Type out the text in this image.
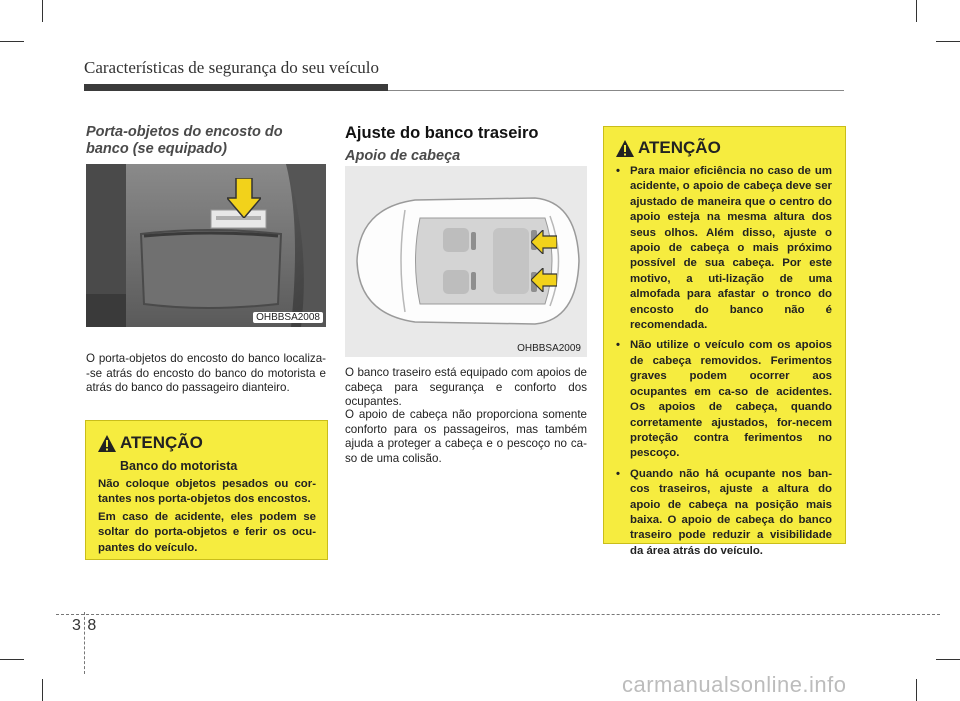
Características de segurança do seu veículo
Porta-objetos do encosto do banco (se equipado)
OHBBSA2008
O porta-objetos do encosto do banco localiza--se atrás do encosto do banco do motorista e atrás do banco do passageiro dianteiro.
ATENÇÃO
Banco do motorista
Não coloque objetos pesados ou cor-tantes nos porta-objetos dos encostos.
Em caso de acidente, eles podem se soltar do porta-objetos e ferir os ocu-pantes do veículo.
Ajuste do banco traseiro
Apoio de cabeça
OHBBSA2009
O banco traseiro está equipado com apoios de cabeça para segurança e conforto dos ocupantes.
O apoio de cabeça não proporciona somente conforto para os passageiros, mas também ajuda a proteger a cabeça e o pescoço no ca-so de uma colisão.
ATENÇÃO
• Para maior eficiência no caso de um acidente, o apoio de cabeça deve ser ajustado de maneira que o centro do apoio esteja na mesma altura dos seus olhos. Além disso, ajuste o apoio de cabeça o mais próximo possível de sua cabeça. Por este motivo, a uti-lização de uma almofada para afastar o tronco do encosto do banco não é recomendada.
• Não utilize o veículo com os apoios de cabeça removidos. Ferimentos graves podem ocorrer aos ocupantes em ca-so de acidentes. Os apoios de cabeça, quando corretamente ajustados, for-necem proteção contra ferimentos no pescoço.
• Quando não há ocupante nos ban-cos traseiros, ajuste a altura do apoio de cabeça na posição mais baixa. O apoio de cabeça do banco traseiro pode reduzir a visibilidade da área atrás do veículo.
3 8
carmanualsonline.info
